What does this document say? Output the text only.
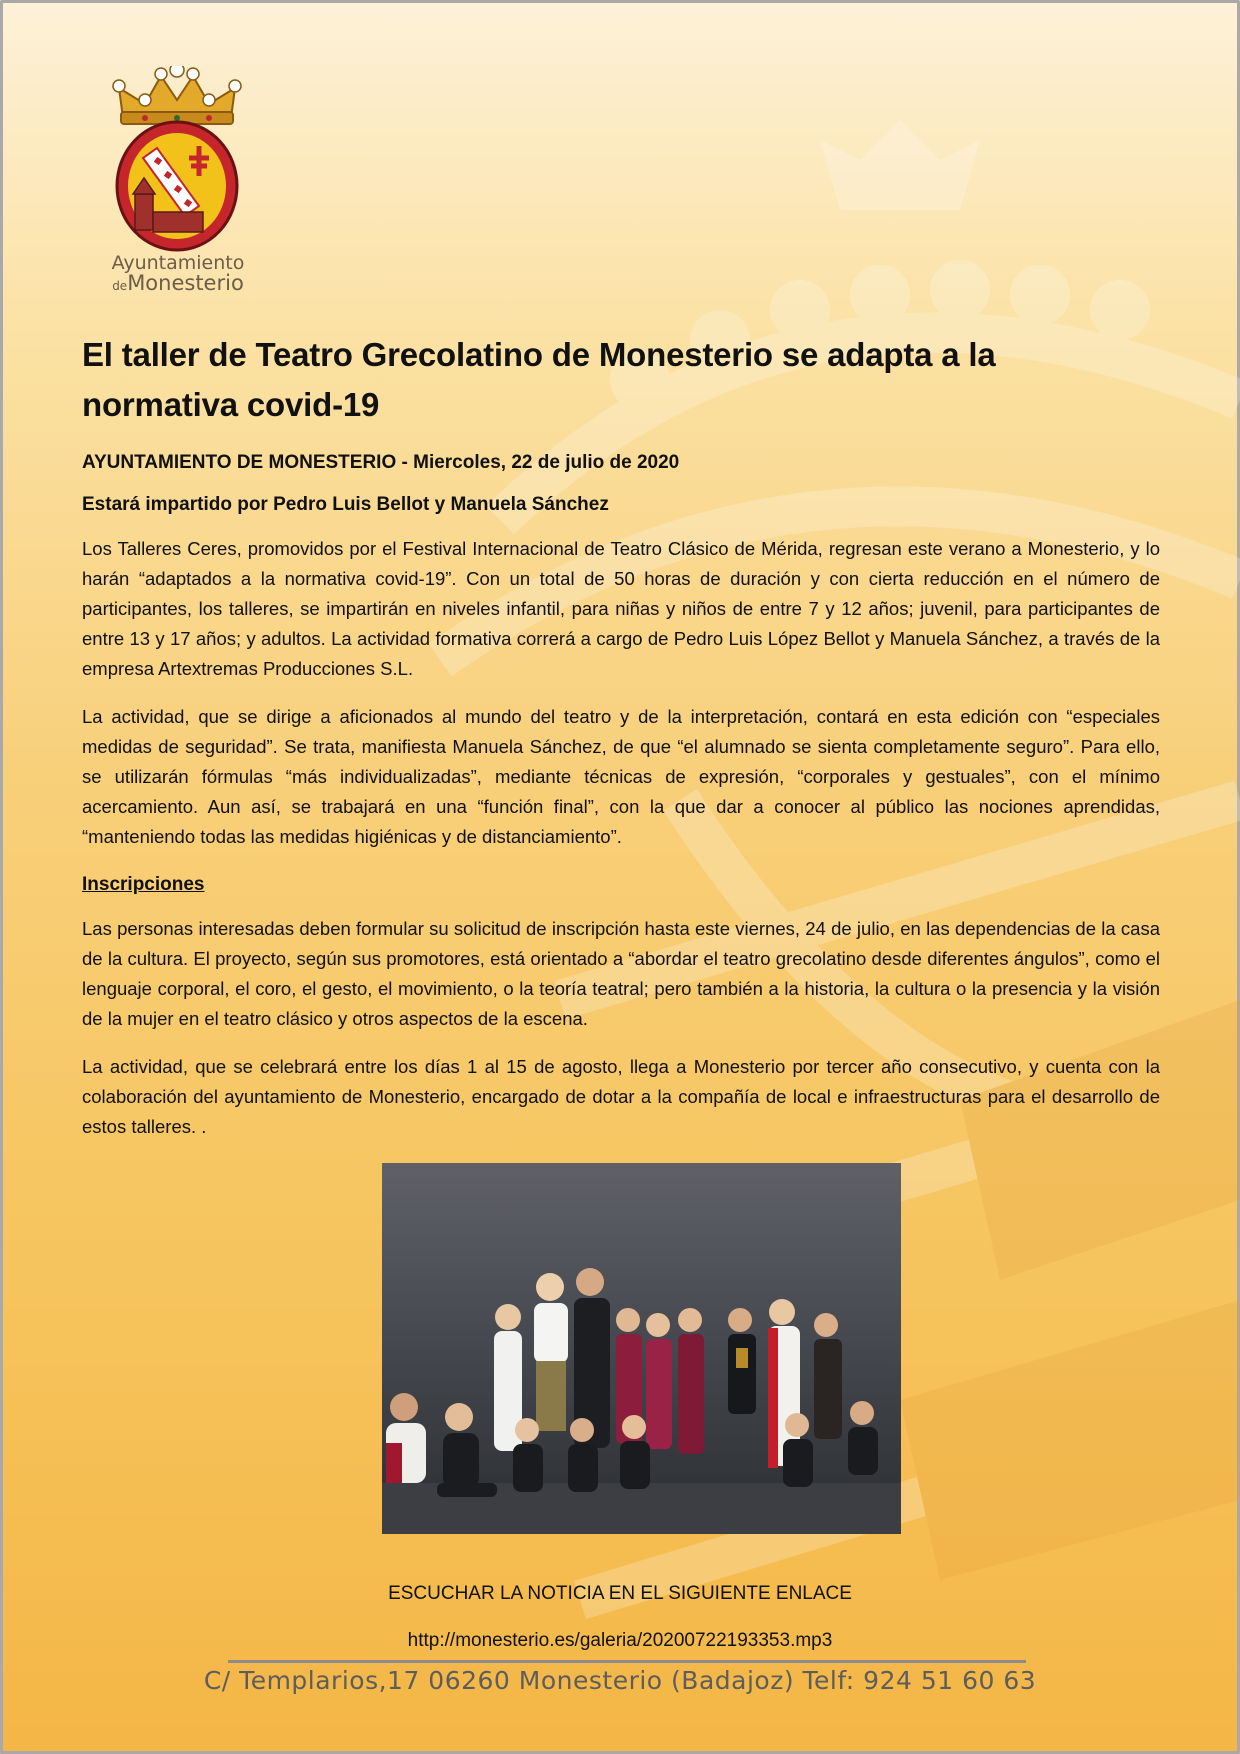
Ayuntamiento
deMonesterio
El taller de Teatro Grecolatino de Monesterio se adapta a la normativa covid-19
AYUNTAMIENTO DE MONESTERIO - Miercoles, 22 de julio de 2020
Estará impartido por Pedro Luis Bellot y Manuela Sánchez

Los Talleres Ceres, promovidos por el Festival Internacional de Teatro Clásico de Mérida, regresan este verano a Monesterio, y lo harán “adaptados a la normativa covid-19”. Con un total de 50 horas de duración y con cierta reducción en el número de participantes, los talleres, se impartirán en niveles infantil, para niñas y niños de entre 7 y 12 años; juvenil, para participantes de entre 13 y 17 años; y adultos. La actividad formativa correrá a cargo de Pedro Luis López Bellot y Manuela Sánchez, a través de la empresa Artextremas Producciones S.L.

La actividad, que se dirige a aficionados al mundo del teatro y de la interpretación, contará en esta edición con “especiales medidas de seguridad”. Se trata, manifiesta Manuela Sánchez, de que “el alumnado se sienta completamente seguro”. Para ello, se utilizarán fórmulas “más individualizadas”, mediante técnicas de expresión, “corporales y gestuales”, con el mínimo acercamiento. Aun así, se trabajará en una “función final”, con la que dar a conocer al público las nociones aprendidas, “manteniendo todas las medidas higiénicas y de distanciamiento”.

Inscripciones

Las personas interesadas deben formular su solicitud de inscripción hasta este viernes, 24 de julio, en las dependencias de la casa de la cultura. El proyecto, según sus promotores, está orientado a “abordar el teatro grecolatino desde diferentes ángulos”, como el lenguaje corporal, el coro, el gesto, el movimiento, o la teoría teatral; pero también a la historia, la cultura o la presencia y la visión de la mujer en el teatro clásico y otros aspectos de la escena.

La actividad, que se celebrará entre los días 1 al 15 de agosto, llega a Monesterio por tercer año consecutivo, y cuenta con la colaboración del ayuntamiento de Monesterio, encargado de dotar a la compañía de local e infraestructuras para el desarrollo de estos talleres. .

ESCUCHAR LA NOTICIA EN EL SIGUIENTE ENLACE
http://monesterio.es/galeria/20200722193353.mp3
C/ Templarios,17 06260 Monesterio (Badajoz) Telf: 924 51 60 63
